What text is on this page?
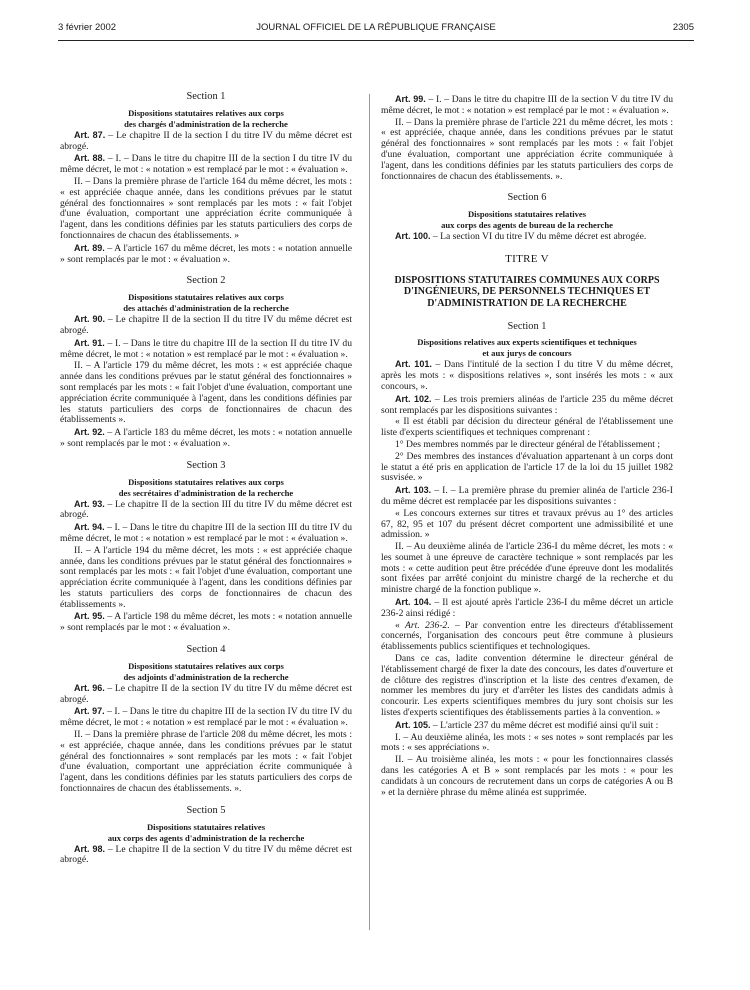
3 février 2002	JOURNAL OFFICIEL DE LA RÉPUBLIQUE FRANÇAISE	2305
Section 1
Dispositions statutaires relatives aux corps
des chargés d'administration de la recherche

Art. 87. – Le chapitre II de la section I du titre IV du même décret est abrogé.

Art. 88. – I. – Dans le titre du chapitre III de la section I du titre IV du même décret, le mot : « notation » est remplacé par le mot : « évaluation ».

II. – Dans la première phrase de l'article 164 du même décret, les mots : « est appréciée chaque année, dans les conditions prévues par le statut général des fonctionnaires » sont remplacés par les mots : « fait l'objet d'une évaluation, comportant une appréciation écrite communiquée à l'agent, dans les conditions définies par les statuts particuliers des corps de fonctionnaires de chacun des établissements. »

Art. 89. – A l'article 167 du même décret, les mots : « notation annuelle » sont remplacés par le mot : « évaluation ».

Section 2
Dispositions statutaires relatives aux corps
des attachés d'administration de la recherche

Art. 90. – Le chapitre II de la section II du titre IV du même décret est abrogé.

Art. 91. – I. – Dans le titre du chapitre III de la section II du titre IV du même décret, le mot : « notation » est remplacé par le mot : « évaluation ».

II. – A l'article 179 du même décret, les mots : « est appréciée chaque année dans les conditions prévues par le statut général des fonctionnaires » sont remplacés par les mots : « fait l'objet d'une évaluation, comportant une appréciation écrite communiquée à l'agent, dans les conditions définies par les statuts particuliers des corps de fonctionnaires de chacun des établissements ».

Art. 92. – A l'article 183 du même décret, les mots : « notation annuelle » sont remplacés par le mot : « évaluation ».

Section 3
Dispositions statutaires relatives aux corps
des secrétaires d'administration de la recherche

Art. 93. – Le chapitre II de la section III du titre IV du même décret est abrogé.

Art. 94. – I. – Dans le titre du chapitre III de la section III du titre IV du même décret, le mot : « notation » est remplacé par le mot : « évaluation ».

II. – A l'article 194 du même décret, les mots : « est appréciée chaque année, dans les conditions prévues par le statut général des fonctionnaires » sont remplacés par les mots : « fait l'objet d'une évaluation, comportant une appréciation écrite communiquée à l'agent, dans les conditions définies par les statuts particuliers des corps de fonctionnaires de chacun des établissements ».

Art. 95. – A l'article 198 du même décret, les mots : « notation annuelle » sont remplacés par le mot : « évaluation ».

Section 4
Dispositions statutaires relatives aux corps
des adjoints d'administration de la recherche

Art. 96. – Le chapitre II de la section IV du titre IV du même décret est abrogé.

Art. 97. – I. – Dans le titre du chapitre III de la section IV du titre IV du même décret, le mot : « notation » est remplacé par le mot : « évaluation ».

II. – Dans la première phrase de l'article 208 du même décret, les mots : « est appréciée, chaque année, dans les conditions prévues par le statut général des fonctionnaires » sont remplacés par les mots : « fait l'objet d'une évaluation, comportant une appréciation écrite communiquée à l'agent, dans les conditions définies par les statuts particuliers des corps de fonctionnaires de chacun des établissements. ».

Section 5
Dispositions statutaires relatives
aux corps des agents d'administration de la recherche

Art. 98. – Le chapitre II de la section V du titre IV du même décret est abrogé.

Art. 99. – I. – Dans le titre du chapitre III de la section V du titre IV du même décret, le mot : « notation » est remplacé par le mot : « évaluation ».

II. – Dans la première phrase de l'article 221 du même décret, les mots : « est appréciée, chaque année, dans les conditions prévues par le statut général des fonctionnaires » sont remplacés par les mots : « fait l'objet d'une évaluation, comportant une appréciation écrite communiquée à l'agent, dans les conditions définies par les statuts particuliers des corps de fonctionnaires de chacun des établissements. ».

Section 6
Dispositions statutaires relatives
aux corps des agents de bureau de la recherche

Art. 100. – La section VI du titre IV du même décret est abrogée.

TITRE V
DISPOSITIONS STATUTAIRES COMMUNES AUX CORPS D'INGÉNIEURS, DE PERSONNELS TECHNIQUES ET D'ADMINISTRATION DE LA RECHERCHE
Section 1
Dispositions relatives aux experts scientifiques et techniques
et aux jurys de concours

Art. 101. – Dans l'intitulé de la section I du titre V du même décret, après les mots : « dispositions relatives », sont insérés les mots : « aux concours, ».

Art. 102. – Les trois premiers alinéas de l'article 235 du même décret sont remplacés par les dispositions suivantes :

« Il est établi par décision du directeur général de l'établissement une liste d'experts scientifiques et techniques comprenant :

1° Des membres nommés par le directeur général de l'établissement ;

2° Des membres des instances d'évaluation appartenant à un corps dont le statut a été pris en application de l'article 17 de la loi du 15 juillet 1982 susvisée. »

Art. 103. – I. – La première phrase du premier alinéa de l'article 236-I du même décret est remplacée par les dispositions suivantes :

« Les concours externes sur titres et travaux prévus au 1° des articles 67, 82, 95 et 107 du présent décret comportent une admissibilité et une admission. »

II. – Au deuxième alinéa de l'article 236-I du même décret, les mots : « les soumet à une épreuve de caractère technique » sont remplacés par les mots : « cette audition peut être précédée d'une épreuve dont les modalités sont fixées par arrêté conjoint du ministre chargé de la recherche et du ministre chargé de la fonction publique ».

Art. 104. – Il est ajouté après l'article 236-I du même décret un article 236-2 ainsi rédigé :

« Art. 236-2. – Par convention entre les directeurs d'établissement concernés, l'organisation des concours peut être commune à plusieurs établissements publics scientifiques et technologiques.

Dans ce cas, ladite convention détermine le directeur général de l'établissement chargé de fixer la date des concours, les dates d'ouverture et de clôture des registres d'inscription et la liste des centres d'examen, de nommer les membres du jury et d'arrêter les listes des candidats admis à concourir. Les experts scientifiques membres du jury sont choisis sur les listes d'experts scientifiques des établissements parties à la convention. »

Art. 105. – L'article 237 du même décret est modifié ainsi qu'il suit :

I. – Au deuxième alinéa, les mots : « ses notes » sont remplacés par les mots : « ses appréciations ».

II. – Au troisième alinéa, les mots : « pour les fonctionnaires classés dans les catégories A et B » sont remplacés par les mots : « pour les candidats à un concours de recrutement dans un corps de catégories A ou B » et la dernière phrase du même alinéa est supprimée.
